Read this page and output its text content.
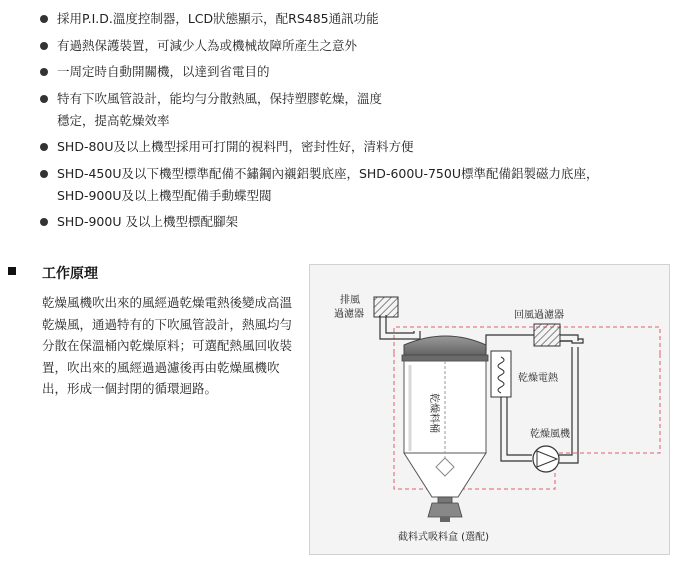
採用P.I.D.溫度控制器，LCD狀態顯示，配RS485通訊功能
有過熱保護裝置，可減少人為或機械故障所產生之意外
一周定時自動開關機，以達到省電目的
特有下吹風管設計，能均勻分散熱風，保持塑膠乾燥，溫度
穩定，提高乾燥效率
SHD-80U及以上機型採用可打開的視料門，密封性好，清料方便
SHD-450U及以下機型標準配備不鏽鋼內襯鋁製底座，SHD-600U-750U標準配備鋁製磁力底座，
SHD-900U及以上機型配備手動蝶型閥
SHD-900U 及以上機型標配腳架
工作原理

乾燥風機吹出來的風經過乾燥電熱後變成高溫乾燥風，通過特有的下吹風管設計，熱風均勻分散在保溫桶內乾燥原料；可選配熱風回收裝置，吹出來的風經過過濾後再由乾燥風機吹出，形成一個封閉的循環迴路。

排風
過濾器	回風過濾器
乾燥料桶
截料式吸料盒 (選配)
乾燥電熱
乾燥風機
